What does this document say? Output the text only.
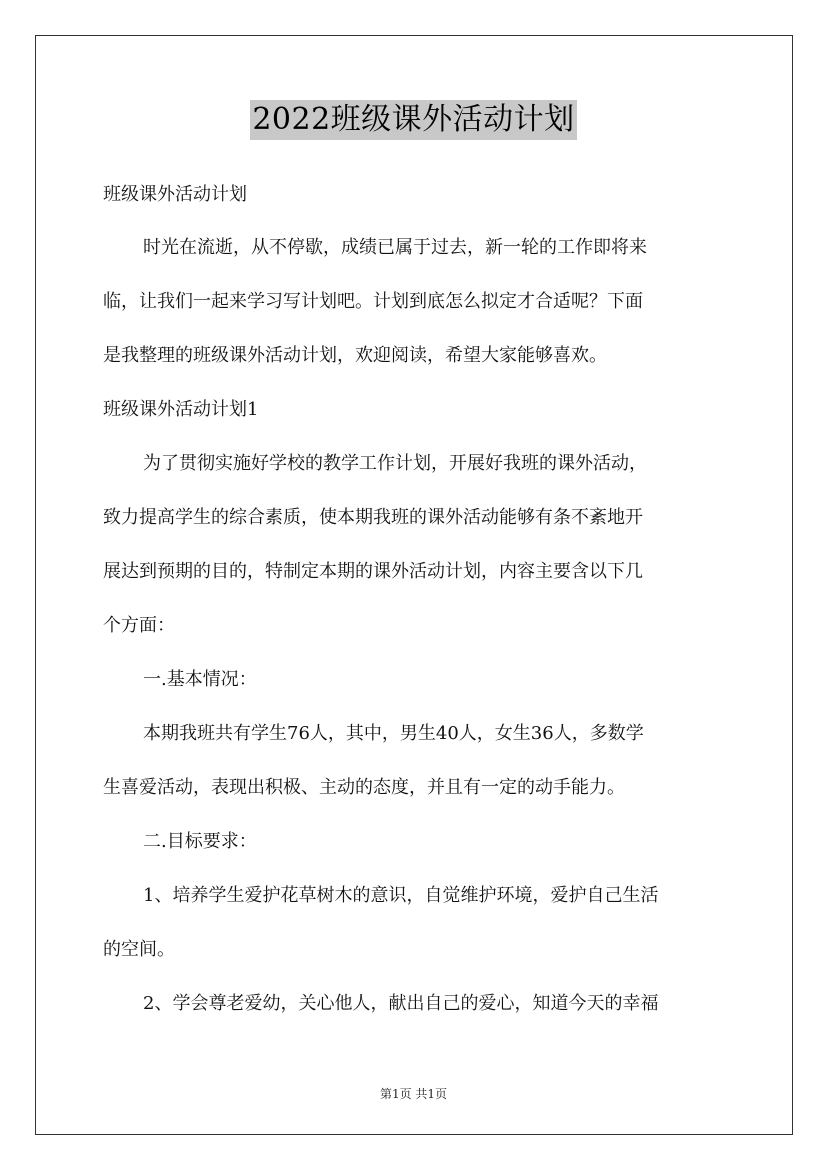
2022班级课外活动计划
班级课外活动计划
时光在流逝，从不停歇，成绩已属于过去，新一轮的工作即将来
临，让我们一起来学习写计划吧。计划到底怎么拟定才合适呢？下面
是我整理的班级课外活动计划，欢迎阅读，希望大家能够喜欢。
班级课外活动计划1
为了贯彻实施好学校的教学工作计划，开展好我班的课外活动，
致力提高学生的综合素质，使本期我班的课外活动能够有条不紊地开
展达到预期的目的，特制定本期的课外活动计划，内容主要含以下几
个方面：
一.基本情况：
本期我班共有学生76人，其中，男生40人，女生36人，多数学
生喜爱活动，表现出积极、主动的态度，并且有一定的动手能力。
二.目标要求：
1、培养学生爱护花草树木的意识，自觉维护环境，爱护自己生活
的空间。
2、学会尊老爱幼，关心他人，献出自己的爱心，知道今天的幸福
第1页 共1页
